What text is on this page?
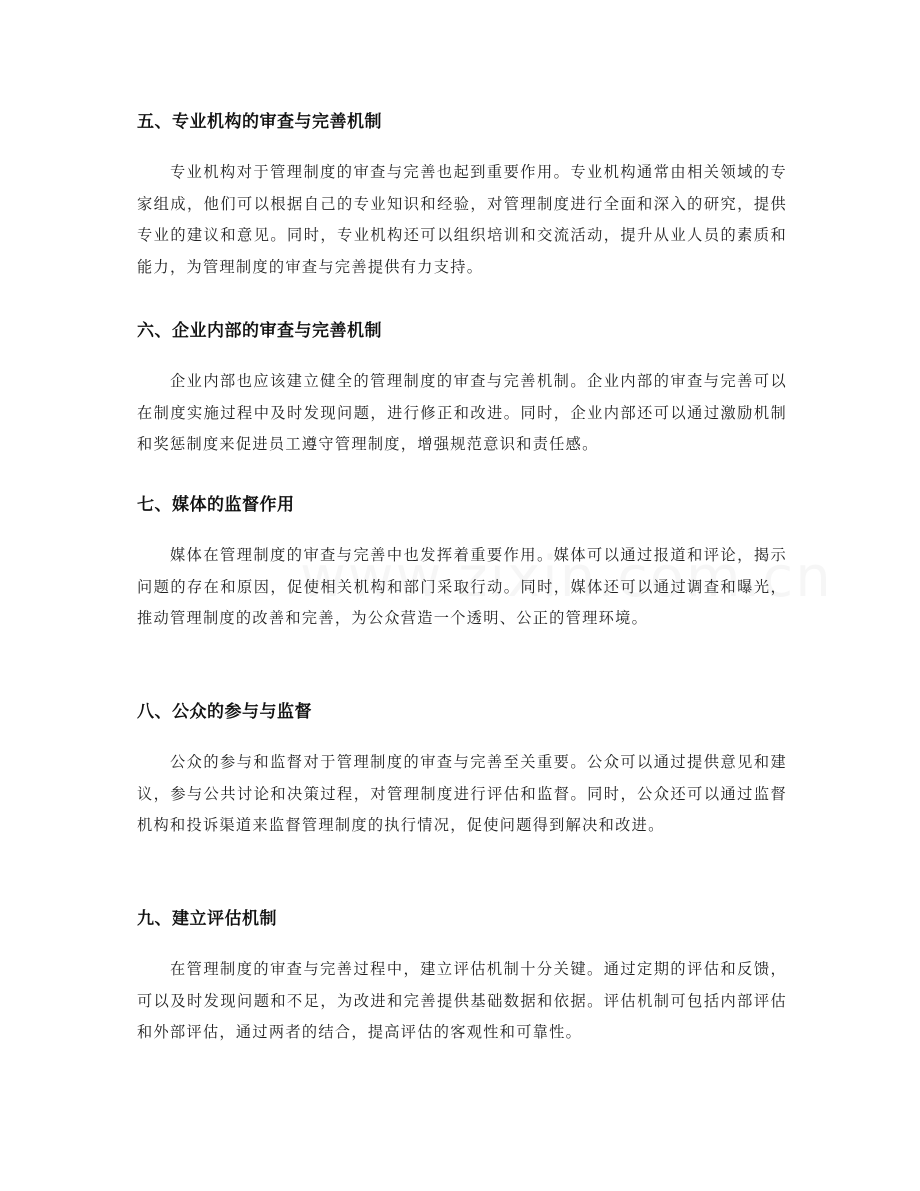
五、专业机构的审查与完善机制

专业机构对于管理制度的审查与完善也起到重要作用。专业机构通常由相关领域的专家组成，他们可以根据自己的专业知识和经验，对管理制度进行全面和深入的研究，提供专业的建议和意见。同时，专业机构还可以组织培训和交流活动，提升从业人员的素质和能力，为管理制度的审查与完善提供有力支持。

六、企业内部的审查与完善机制

企业内部也应该建立健全的管理制度的审查与完善机制。企业内部的审查与完善可以在制度实施过程中及时发现问题，进行修正和改进。同时，企业内部还可以通过激励机制和奖惩制度来促进员工遵守管理制度，增强规范意识和责任感。

七、媒体的监督作用

媒体在管理制度的审查与完善中也发挥着重要作用。媒体可以通过报道和评论，揭示问题的存在和原因，促使相关机构和部门采取行动。同时，媒体还可以通过调查和曝光，推动管理制度的改善和完善，为公众营造一个透明、公正的管理环境。

八、公众的参与与监督

公众的参与和监督对于管理制度的审查与完善至关重要。公众可以通过提供意见和建议，参与公共讨论和决策过程，对管理制度进行评估和监督。同时，公众还可以通过监督机构和投诉渠道来监督管理制度的执行情况，促使问题得到解决和改进。

九、建立评估机制

在管理制度的审查与完善过程中，建立评估机制十分关键。通过定期的评估和反馈，可以及时发现问题和不足，为改进和完善提供基础数据和依据。评估机制可包括内部评估和外部评估，通过两者的结合，提高评估的客观性和可靠性。
